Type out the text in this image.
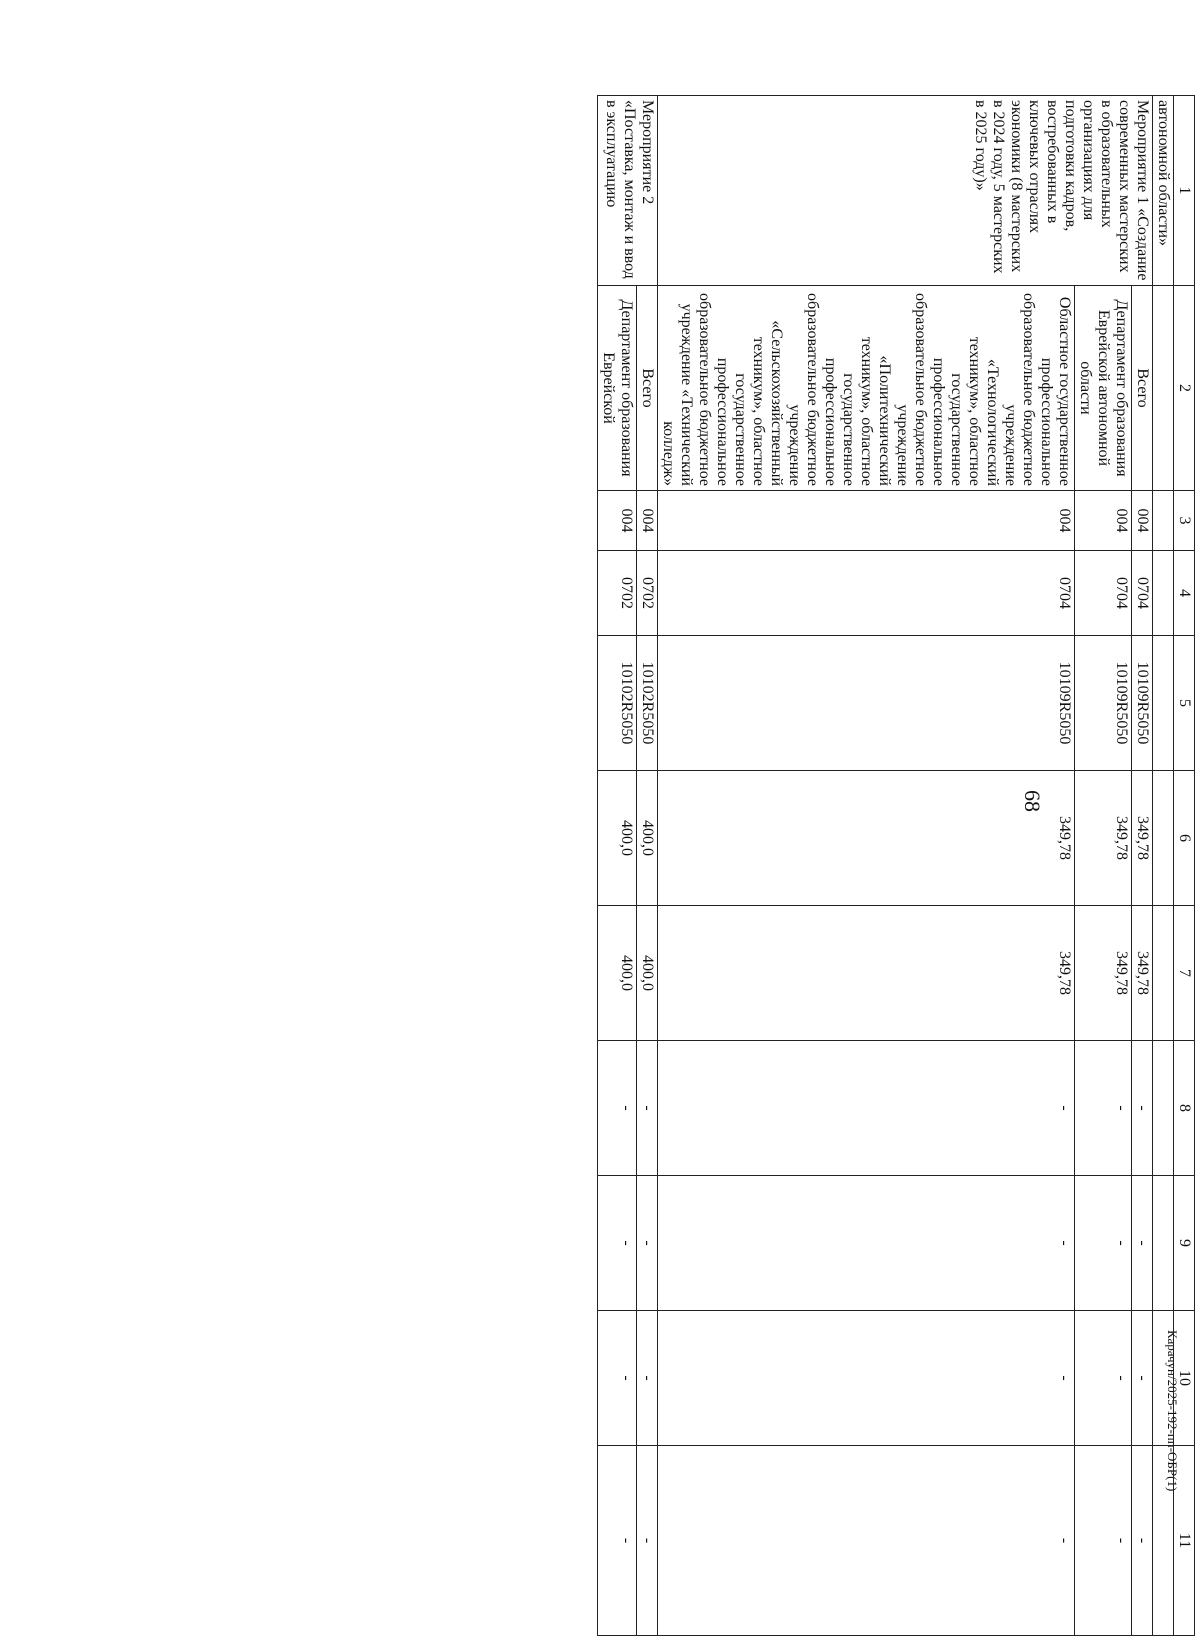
68
Карачун/2025-192-пп-ОБР(1)
1	2	3	4	5	6	7	8	9	10	11
автономной области»										
Мероприятие 1 «Создание современных мастерских в образовательных организациях для подготовки кадров, востребованных в ключевых отраслях экономики (8 мастерских в 2024 году, 5 мастерских в 2025 году)»	Всего	004	0704	10109R5050	349,78	349,78	-	-	-	-
	Департамент образования Еврейской автономной области	004	0704	10109R5050	349,78	349,78	-	-	-	-
	Областное государственное профессиональное образовательное бюджетное учреждение «Технологический техникум», областное государственное профессиональное образовательное бюджетное учреждение «Политехнический техникум», областное государственное профессиональное образовательное бюджетное учреждение «Сельскохозяйственный техникум», областное государственное профессиональное образовательное бюджетное учреждение «Технический колледж»	004	0704	10109R5050	349,78	349,78	-	-	-	-
Мероприятие 2 «Поставка, монтаж и ввод в эксплуатацию	Всего	004	0702	10102R5050	400,0	400,0	-	-	-	-
	Департамент образования Еврейской	004	0702	10102R5050	400,0	400,0	-	-	-	-
